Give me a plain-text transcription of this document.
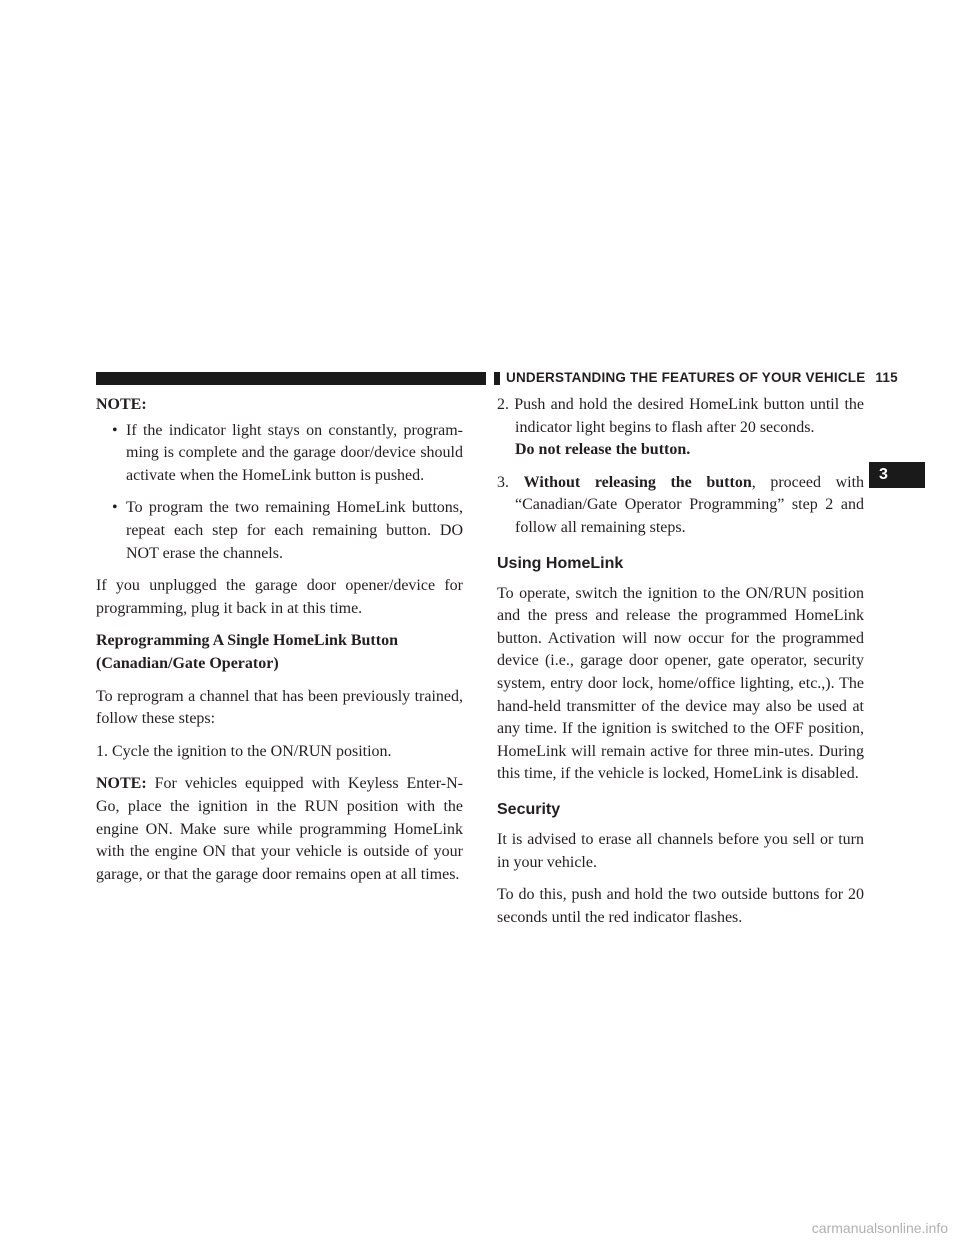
UNDERSTANDING THE FEATURES OF YOUR VEHICLE 115
3

NOTE:

• If the indicator light stays on constantly, program-ming is complete and the garage door/device should activate when the HomeLink button is pushed.
• To program the two remaining HomeLink buttons, repeat each step for each remaining button. DO NOT erase the channels.

If you unplugged the garage door opener/device for programming, plug it back in at this time.

Reprogramming A Single HomeLink Button
(Canadian/Gate Operator)

To reprogram a channel that has been previously trained, follow these steps:

1. Cycle the ignition to the ON/RUN position.

NOTE: For vehicles equipped with Keyless Enter-N-Go, place the ignition in the RUN position with the engine ON. Make sure while programming HomeLink with the engine ON that your vehicle is outside of your garage, or that the garage door remains open at all times.

2. Push and hold the desired HomeLink button until the indicator light begins to flash after 20 seconds.
Do not release the button.

3. Without releasing the button, proceed with “Canadian/Gate Operator Programming” step 2 and follow all remaining steps.

Using HomeLink

To operate, switch the ignition to the ON/RUN position and the press and release the programmed HomeLink button. Activation will now occur for the programmed device (i.e., garage door opener, gate operator, security system, entry door lock, home/office lighting, etc.,). The hand-held transmitter of the device may also be used at any time. If the ignition is switched to the OFF position, HomeLink will remain active for three min-utes. During this time, if the vehicle is locked, HomeLink is disabled.

Security

It is advised to erase all channels before you sell or turn in your vehicle.

To do this, push and hold the two outside buttons for 20 seconds until the red indicator flashes.

carmanualsonline.info
